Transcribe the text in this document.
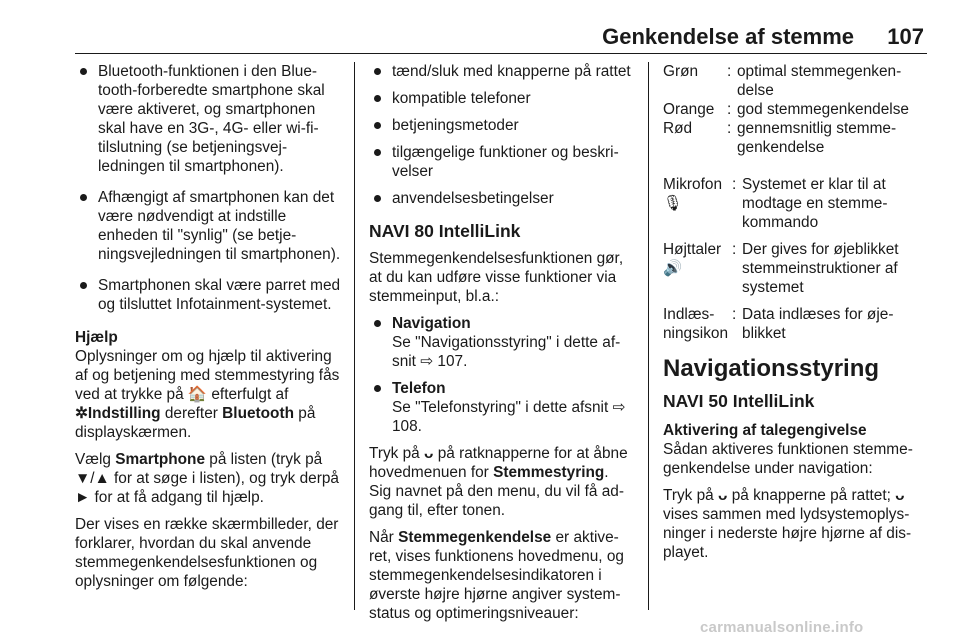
Genkendelse af stemme 107
Bluetooth-funktionen i den Bluetooth-forberedte smartphone skal være aktiveret, og smartphonen skal have en 3G-, 4G- eller wi-fi-tilslutning (se betjeningsvejledningen til smartphonen).
Afhængigt af smartphonen kan det være nødvendigt at indstille enheden til "synlig" (se betjeningsvejledningen til smartphonen).
Smartphonen skal være parret med og tilsluttet Infotainment-systemet.
Hjælp

Oplysninger om og hjælp til aktivering af og betjening med stemmestyring fås ved at trykke på 🏠 efterfulgt af ✲Indstilling derefter Bluetooth på displayskærmen.

Vælg Smartphone på listen (tryk på ▼/▲ for at søge i listen), og tryk derpå ► for at få adgang til hjælp.

Der vises en række skærmbilleder, der forklarer, hvordan du skal anvende stemmegenkendelsesfunktionen og oplysninger om følgende:

tænd/sluk med knapperne på rattet
kompatible telefoner
betjeningsmetoder
tilgængelige funktioner og beskrivelser
anvendelsesbetingelser
NAVI 80 IntelliLink

Stemmegenkendelsesfunktionen gør, at du kan udføre visse funktioner via stemmeinput, bl.a.:

Navigation
Se "Navigationsstyring" i dette afsnit ⇨ 107.
Telefon
Se "Telefonstyring" i dette afsnit ⇨ 108.

Tryk på ᴗ på ratknapperne for at åbne hovedmenuen for Stemmestyring. Sig navnet på den menu, du vil få adgang til, efter tonen.

Når Stemmegenkendelse er aktiveret, vises funktionens hovedmenu, og stemmegenkendelsesindikatoren i øverste højre hjørne angiver systemstatus og optimeringsniveauer:

Grøn	:	optimal stemmegenkendelse
Orange	:	god stemmegenkendelse
Rød	:	gennemsnitlig stemmegenkendelse
Mikrofon 🎙	:	Systemet er klar til at modtage en stemmekommando
Højttaler 🔊	:	Der gives for øjeblikket stemmeinstruktioner af systemet
Indlæsningsikon	:	Data indlæses for øjeblikket
Navigationsstyring
NAVI 50 IntelliLink
Aktivering af talegengivelse

Sådan aktiveres funktionen stemmegenkendelse under navigation:

Tryk på ᴗ på knapperne på rattet; ᴗ vises sammen med lydsystemoplysninger i nederste højre hjørne af displayet.

carmanualsonline.info
